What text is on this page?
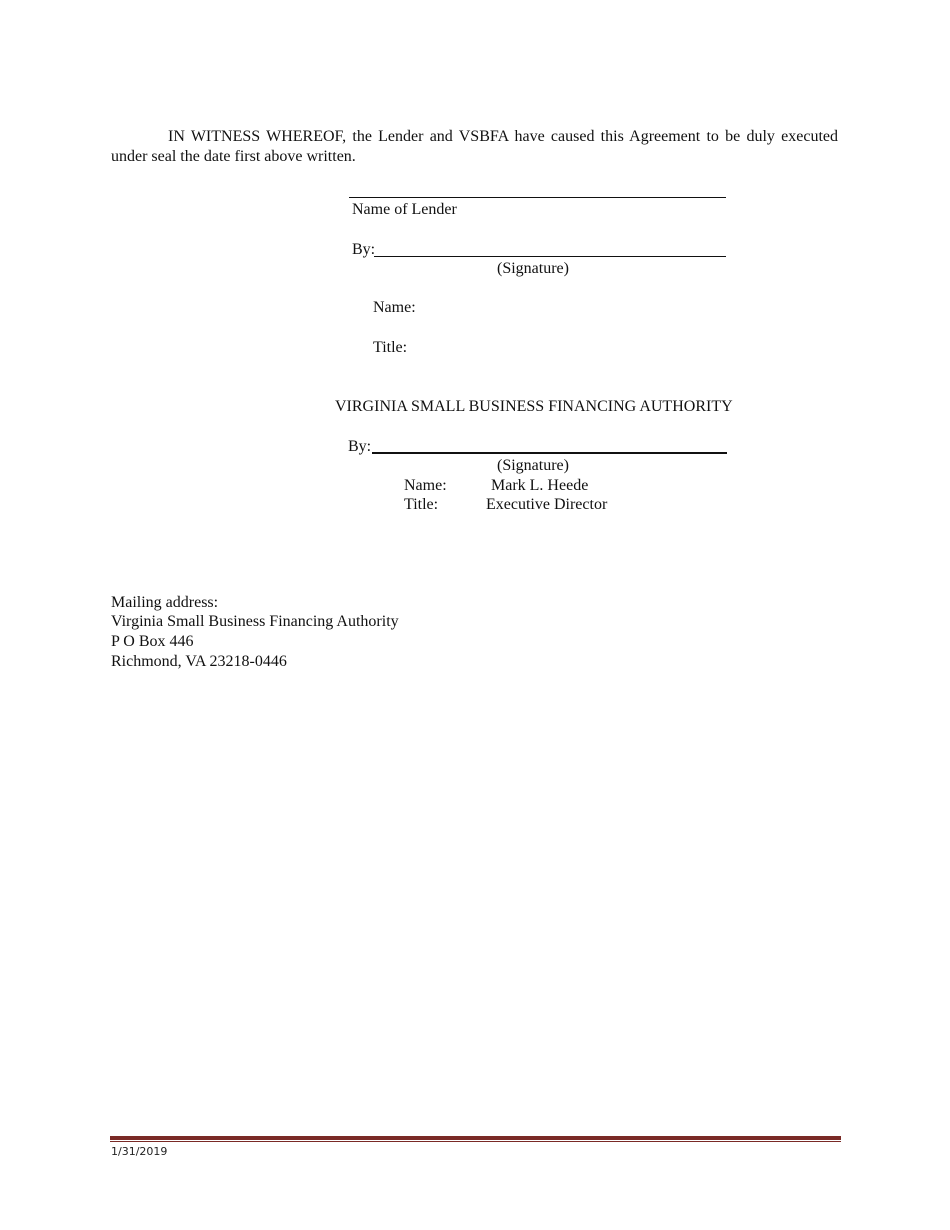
IN WITNESS WHEREOF, the Lender and VSBFA have caused this Agreement to be duly executed under seal the date first above written.

Name of Lender
By:
(Signature)
Name:
Title:
VIRGINIA SMALL BUSINESS FINANCING AUTHORITY
By:
(Signature)
Name:	Mark L. Heede
Title:	Executive Director
Mailing address:
Virginia Small Business Financing Authority
P O Box 446
Richmond, VA 23218-0446
1/31/2019
